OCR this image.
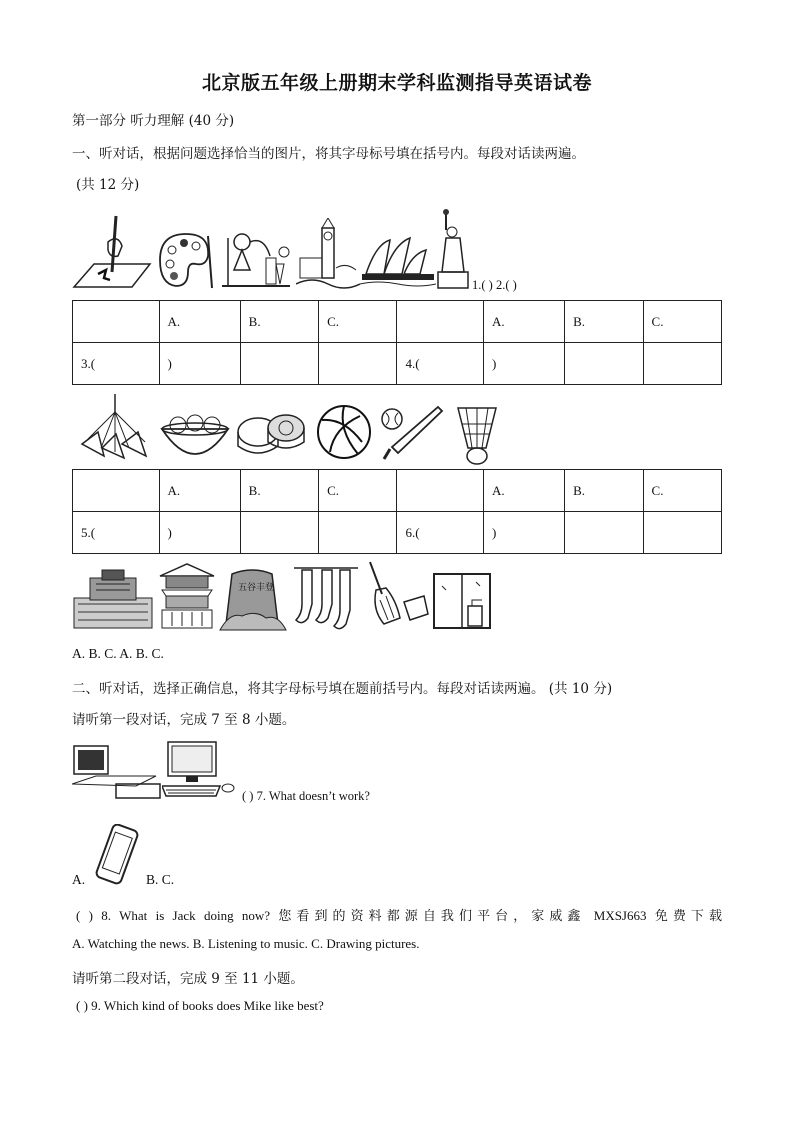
北京版五年级上册期末学科监测指导英语试卷
第一部分 听力理解 (40 分)
一、听对话，根据问题选择恰当的图片，将其字母标号填在括号内。每段对话读两遍。
(共 12 分)
1.( ) 2.( )
	A.	B.	C.		A.	B.	C.
3.(	)			4.(	)		
	A.	B.	C.		A.	B.	C.
5.(	)			6.(	)		
五谷丰登
A. B. C. A. B. C.
二、听对话，选择正确信息，将其字母标号填在题前括号内。每段对话读两遍。 (共 10 分)
请听第一段对话，完成 7 至 8 小题。
( ) 7. What doesn’t work?
A.	B. C.
( ) 8. What is Jack doing now? 您看到的资料都源自我们平台，家威鑫 MXSJ663 免费下载
A. Watching the news. B. Listening to music. C. Drawing pictures.
请听第二段对话，完成 9 至 11 小题。
( ) 9. Which kind of books does Mike like best?
